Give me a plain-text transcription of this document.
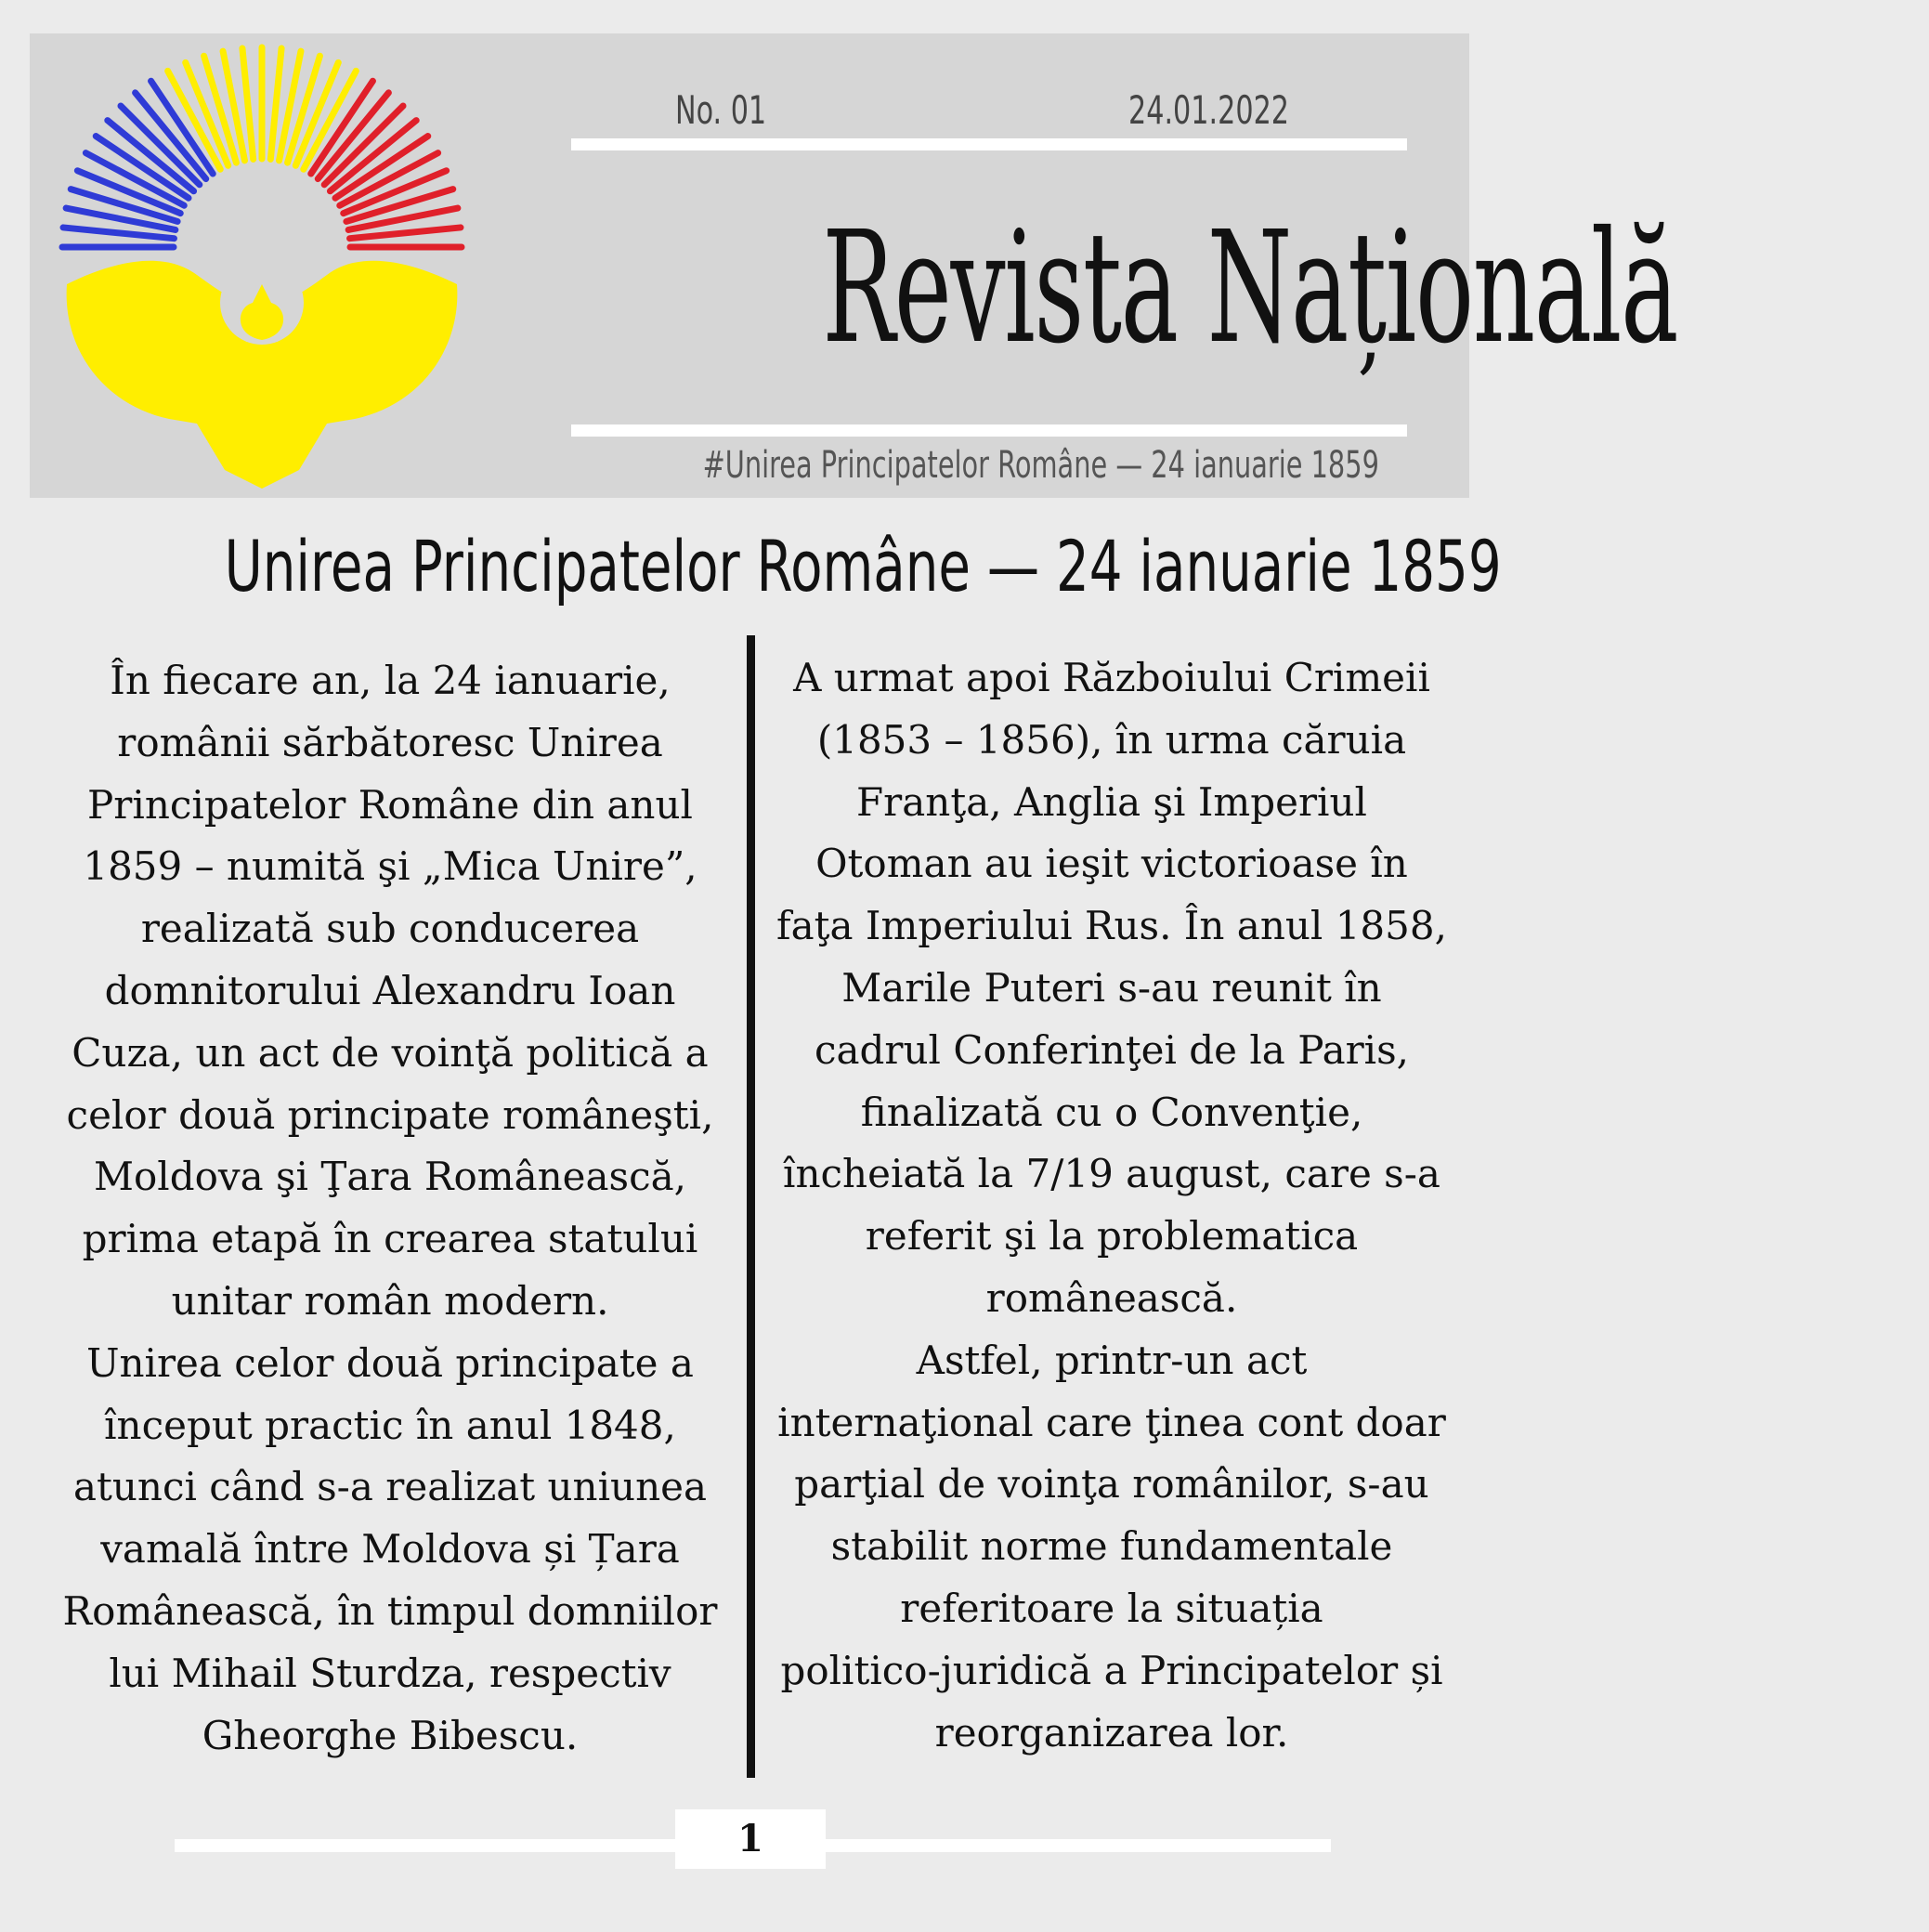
No. 01	24.01.2022
Revista Națională
#Unirea Principatelor Române — 24 ianuarie 1859
Unirea Principatelor Române — 24 ianuarie 1859

În fiecare an, la 24 ianuarie,

românii sărbătoresc Unirea

Principatelor Române din anul

1859 – numită şi „Mica Unire”,

realizată sub conducerea

domnitorului Alexandru Ioan

Cuza, un act de voinţă politică a

celor două principate româneşti,

Moldova şi Ţara Românească,

prima etapă în crearea statului

unitar român modern.

Unirea celor două principate a

început practic în anul 1848,

atunci când s-a realizat uniunea

vamală între Moldova și Țara

Românească, în timpul domniilor

lui Mihail Sturdza, respectiv

Gheorghe Bibescu.

A urmat apoi Războiului Crimeii

(1853 – 1856), în urma căruia

Franţa, Anglia şi Imperiul

Otoman au ieşit victorioase în

faţa Imperiului Rus. În anul 1858,

Marile Puteri s-au reunit în

cadrul Conferinţei de la Paris,

finalizată cu o Convenţie,

încheiată la 7/19 august, care s-a

referit şi la problematica

românească.

Astfel, printr-un act

internaţional care ţinea cont doar

parţial de voinţa românilor, s-au

stabilit norme fundamentale

referitoare la situația

politico-juridică a Principatelor și

reorganizarea lor.

1
